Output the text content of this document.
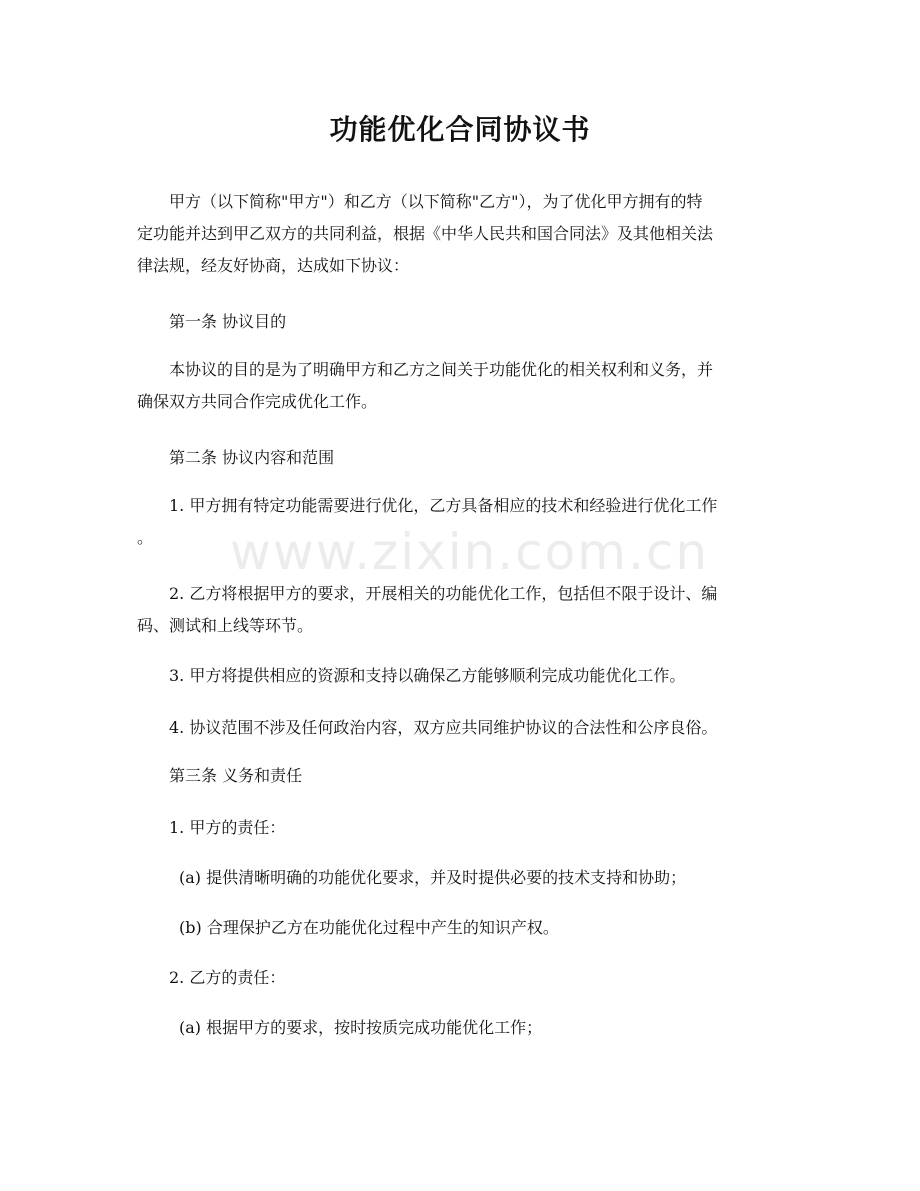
功能优化合同协议书

甲方（以下简称"甲方"）和乙方（以下简称"乙方"），为了优化甲方拥有的特
定功能并达到甲乙双方的共同利益，根据《中华人民共和国合同法》及其他相关法
律法规，经友好协商，达成如下协议：

第一条 协议目的

本协议的目的是为了明确甲方和乙方之间关于功能优化的相关权利和义务，并
确保双方共同合作完成优化工作。

第二条 协议内容和范围

1. 甲方拥有特定功能需要进行优化，乙方具备相应的技术和经验进行优化工作
。

2. 乙方将根据甲方的要求，开展相关的功能优化工作，包括但不限于设计、编
码、测试和上线等环节。

3. 甲方将提供相应的资源和支持以确保乙方能够顺利完成功能优化工作。

4. 协议范围不涉及任何政治内容，双方应共同维护协议的合法性和公序良俗。

第三条 义务和责任

1. 甲方的责任：

(a) 提供清晰明确的功能优化要求，并及时提供必要的技术支持和协助；

(b) 合理保护乙方在功能优化过程中产生的知识产权。

2. 乙方的责任：

(a) 根据甲方的要求，按时按质完成功能优化工作；

www.zixin.com.cn
